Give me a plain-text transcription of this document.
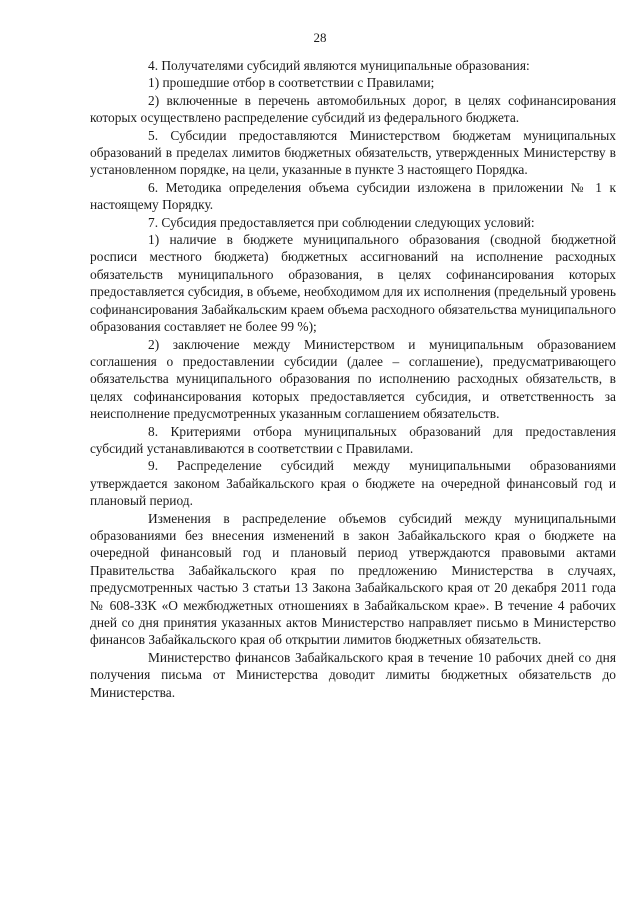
28

4. Получателями субсидий являются муниципальные образования:

1) прошедшие отбор в соответствии с Правилами;

2) включенные в перечень автомобильных дорог, в целях софинансирования которых осуществлено распределение субсидий из федерального бюджета.

5. Субсидии предоставляются Министерством бюджетам муниципальных образований в пределах лимитов бюджетных обязательств, утвержденных Министерству в установленном порядке, на цели, указанные в пункте 3 настоящего Порядка.

6. Методика определения объема субсидии изложена в приложении № 1 к настоящему Порядку.

7. Субсидия предоставляется при соблюдении следующих условий:

1) наличие в бюджете муниципального образования (сводной бюджетной росписи местного бюджета) бюджетных ассигнований на исполнение расходных обязательств муниципального образования, в целях софинансирования которых предоставляется субсидия, в объеме, необходимом для их исполнения (предельный уровень софинансирования Забайкальским краем объема расходного обязательства муниципального образования составляет не более 99 %);

2) заключение между Министерством и муниципальным образованием соглашения о предоставлении субсидии (далее – соглашение), предусматривающего обязательства муниципального образования по исполнению расходных обязательств, в целях софинансирования которых предоставляется субсидия, и ответственность за неисполнение предусмотренных указанным соглашением обязательств.

8. Критериями отбора муниципальных образований для предоставления субсидий устанавливаются в соответствии с Правилами.

9. Распределение субсидий между муниципальными образованиями утверждается законом Забайкальского края о бюджете на очередной финансовый год и плановый период.

Изменения в распределение объемов субсидий между муниципальными образованиями без внесения изменений в закон Забайкальского края о бюджете на очередной финансовый год и плановый период утверждаются правовыми актами Правительства Забайкальского края по предложению Министерства в случаях, предусмотренных частью 3 статьи 13 Закона Забайкальского края от 20 декабря 2011 года № 608-ЗЗК «О межбюджетных отношениях в Забайкальском крае». В течение 4 рабочих дней со дня принятия указанных актов Министерство направляет письмо в Министерство финансов Забайкальского края об открытии лимитов бюджетных обязательств.

Министерство финансов Забайкальского края в течение 10 рабочих дней со дня получения письма от Министерства доводит лимиты бюджетных обязательств до Министерства.
